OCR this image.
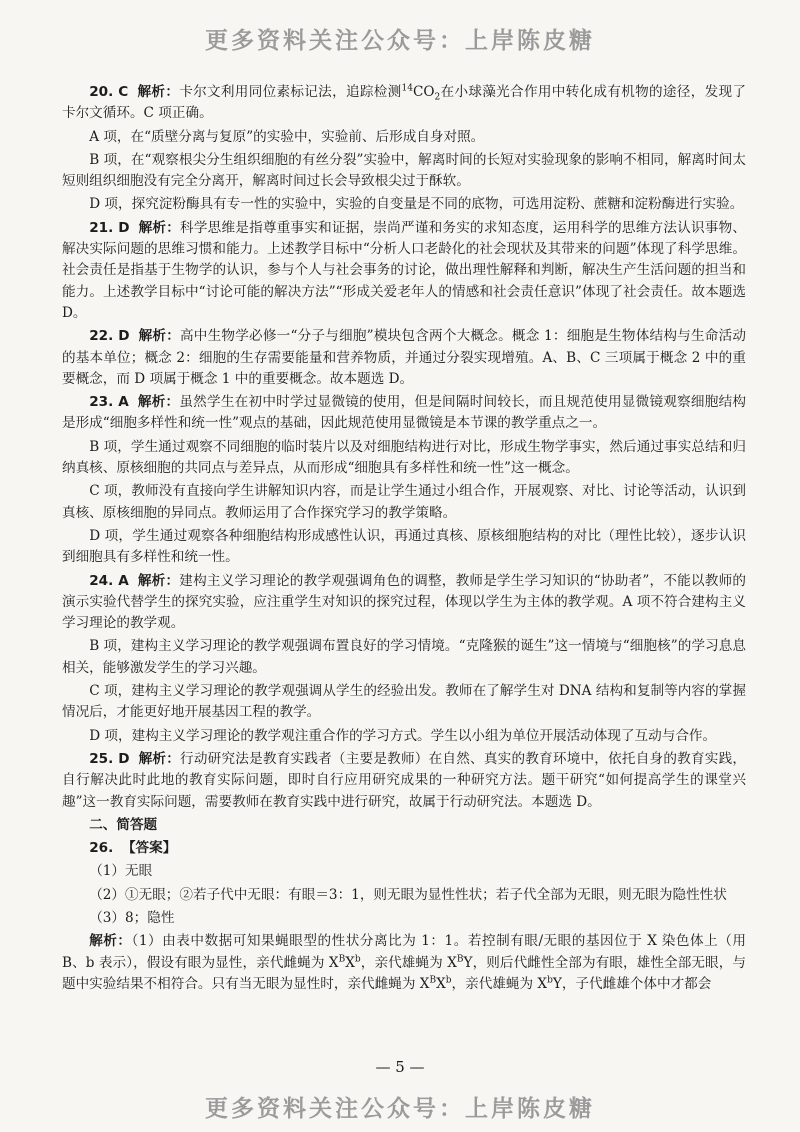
更多资料关注公众号：上岸陈皮糖

20. C 解析：卡尔文利用同位素标记法，追踪检测$^{14}CO_2$在小球藻光合作用中转化成有机物的途径，发现了卡尔文循环。C 项正确。

A 项，在“质壁分离与复原”的实验中，实验前、后形成自身对照。

B 项，在“观察根尖分生组织细胞的有丝分裂”实验中，解离时间的长短对实验现象的影响不相同，解离时间太短则组织细胞没有完全分离开，解离时间过长会导致根尖过于酥软。

D 项，探究淀粉酶具有专一性的实验中，实验的自变量是不同的底物，可选用淀粉、蔗糖和淀粉酶进行实验。

21. D 解析：科学思维是指尊重事实和证据，崇尚严谨和务实的求知态度，运用科学的思维方法认识事物、解决实际问题的思维习惯和能力。上述教学目标中“分析人口老龄化的社会现状及其带来的问题”体现了科学思维。社会责任是指基于生物学的认识，参与个人与社会事务的讨论，做出理性解释和判断，解决生产生活问题的担当和能力。上述教学目标中“讨论可能的解决方法”“形成关爱老年人的情感和社会责任意识”体现了社会责任。故本题选 D。

22. D 解析：高中生物学必修一“分子与细胞”模块包含两个大概念。概念 1：细胞是生物体结构与生命活动的基本单位；概念 2：细胞的生存需要能量和营养物质，并通过分裂实现增殖。A、B、C 三项属于概念 2 中的重要概念，而 D 项属于概念 1 中的重要概念。故本题选 D。

23. A 解析：虽然学生在初中时学过显微镜的使用，但是间隔时间较长，而且规范使用显微镜观察细胞结构是形成“细胞多样性和统一性”观点的基础，因此规范使用显微镜是本节课的教学重点之一。

B 项，学生通过观察不同细胞的临时装片以及对细胞结构进行对比，形成生物学事实，然后通过事实总结和归纳真核、原核细胞的共同点与差异点，从而形成“细胞具有多样性和统一性”这一概念。

C 项，教师没有直接向学生讲解知识内容，而是让学生通过小组合作，开展观察、对比、讨论等活动，认识到真核、原核细胞的异同点。教师运用了合作探究学习的教学策略。

D 项，学生通过观察各种细胞结构形成感性认识，再通过真核、原核细胞结构的对比（理性比较），逐步认识到细胞具有多样性和统一性。

24. A 解析：建构主义学习理论的教学观强调角色的调整，教师是学生学习知识的“协助者”，不能以教师的演示实验代替学生的探究实验，应注重学生对知识的探究过程，体现以学生为主体的教学观。A 项不符合建构主义学习理论的教学观。

B 项，建构主义学习理论的教学观强调布置良好的学习情境。“克隆猴的诞生”这一情境与“细胞核”的学习息息相关，能够激发学生的学习兴趣。

C 项，建构主义学习理论的教学观强调从学生的经验出发。教师在了解学生对 DNA 结构和复制等内容的掌握情况后，才能更好地开展基因工程的教学。

D 项，建构主义学习理论的教学观注重合作的学习方式。学生以小组为单位开展活动体现了互动与合作。

25. D 解析：行动研究法是教育实践者（主要是教师）在自然、真实的教育环境中，依托自身的教育实践，自行解决此时此地的教育实际问题，即时自行应用研究成果的一种研究方法。题干研究“如何提高学生的课堂兴趣”这一教育实际问题，需要教师在教育实践中进行研究，故属于行动研究法。本题选 D。

二、简答题

26. 【答案】

（1）无眼

（2）①无眼；②若子代中无眼：有眼＝3：1，则无眼为显性性状；若子代全部为无眼，则无眼为隐性性状

（3）8；隐性

解析：（1）由表中数据可知果蝇眼型的性状分离比为 1：1。若控制有眼/无眼的基因位于 X 染色体上（用 B、b 表示），假设有眼为显性，亲代雌蝇为 $X^BX^b$，亲代雄蝇为 $X^BY$，则后代雌性全部为有眼，雄性全部无眼，与题中实验结果不相符合。只有当无眼为显性时，亲代雌蝇为 $X^BX^b$，亲代雄蝇为 $X^bY$，子代雌雄个体中才都会

— 5 —
更多资料关注公众号：上岸陈皮糖
